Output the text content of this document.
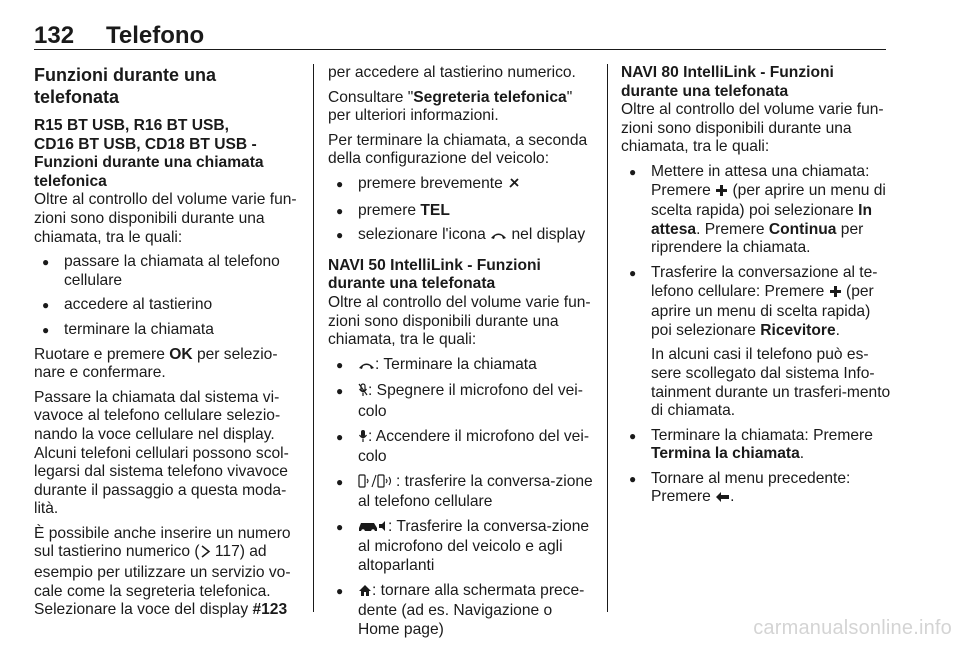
132 Telefono
Funzioni durante una telefonata
R15 BT USB, R16 BT USB,
CD16 BT USB, CD18 BT USB -
Funzioni durante una chiamata
telefonica

Oltre al controllo del volume varie fun-zioni sono disponibili durante una chiamata, tra le quali:

● passare la chiamata al telefono cellulare
● accedere al tastierino
● terminare la chiamata

Ruotare e premere OK per selezio-nare e confermare.

Passare la chiamata dal sistema vi-vavoce al telefono cellulare selezio-nando la voce cellulare nel display. Alcuni telefoni cellulari possono scol-legarsi dal sistema telefono vivavoce durante il passaggio a questa moda-lità.

È possibile anche inserire un numero sul tastierino numerico ( 117) ad esempio per utilizzare un servizio vo-cale come la segreteria telefonica. Selezionare la voce del display #123

per accedere al tastierino numerico.

Consultare "Segreteria telefonica" per ulteriori informazioni.

Per terminare la chiamata, a seconda della configurazione del veicolo:

● premere brevemente
● premere TEL
● selezionare l'icona  nel display
NAVI 50 IntelliLink - Funzioni durante una telefonata

Oltre al controllo del volume varie fun-zioni sono disponibili durante una chiamata, tra le quali:

● : Terminare la chiamata
● : Spegnere il microfono del vei-colo
● : Accendere il microfono del vei-colo
● : trasferire la conversa-zione al telefono cellulare
● : Trasferire la conversa-zione al microfono del veicolo e agli altoparlanti
● : tornare alla schermata prece-dente (ad es. Navigazione o Home page)
NAVI 80 IntelliLink - Funzioni durante una telefonata

Oltre al controllo del volume varie fun-zioni sono disponibili durante una chiamata, tra le quali:

● Mettere in attesa una chiamata: Premere  (per aprire un menu di scelta rapida) poi selezionare In attesa. Premere Continua per riprendere la chiamata.
● Trasferire la conversazione al te-lefono cellulare: Premere  (per aprire un menu di scelta rapida) poi selezionare Ricevitore.

In alcuni casi il telefono può es-sere scollegato dal sistema Info-tainment durante un trasferi-mento di chiamata.

● Terminare la chiamata: Premere Termina la chiamata.
● Tornare al menu precedente: Premere .
carmanualsonline.info
